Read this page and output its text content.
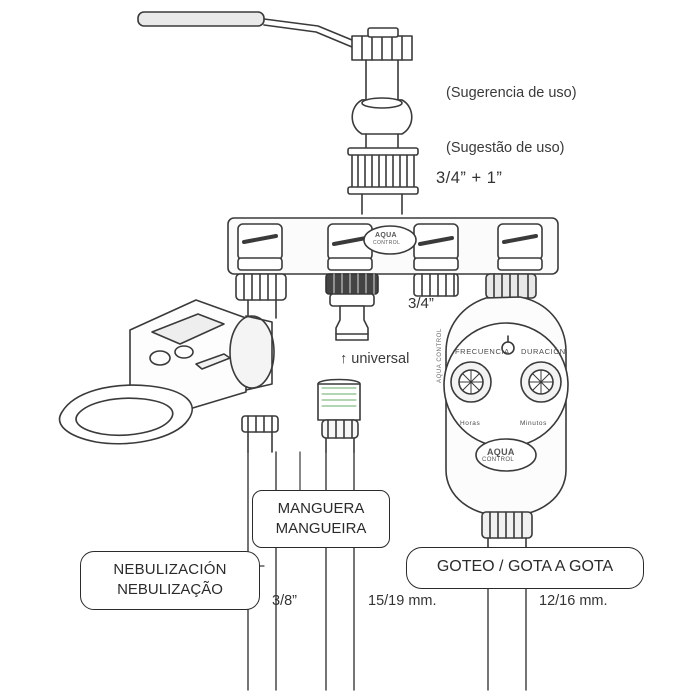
(Sugerencia de uso)

(Sugestão de uso)

3/4” + 1”
3/4”
↑ universal
3/8”	15/19 mm.	12/16 mm.
MANGUERA
MANGUEIRA
GOTEO / GOTA A GOTA
NEBULIZACIÓN
NEBULIZAÇÃO
FRECUENCIA DURACIÓN
Horas	Minutos
AQUA CONTROL
AQUA
CONTROL
AQUA
CONTROL
